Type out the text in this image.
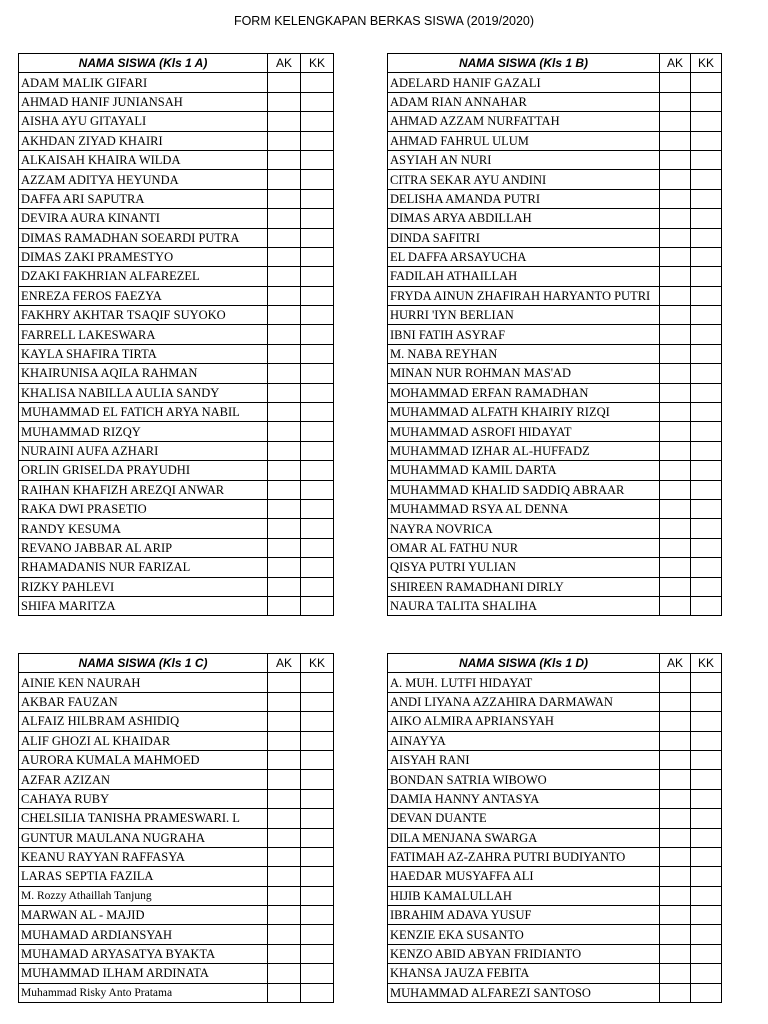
FORM KELENGKAPAN BERKAS SISWA (2019/2020)
NAMA SISWA (Kls 1 A)	AK	KK
ADAM MALIK GIFARI		
AHMAD HANIF JUNIANSAH		
AISHA AYU GITAYALI		
AKHDAN ZIYAD KHAIRI		
ALKAISAH KHAIRA WILDA		
AZZAM ADITYA HEYUNDA		
DAFFA ARI SAPUTRA		
DEVIRA AURA KINANTI		
DIMAS RAMADHAN SOEARDI PUTRA		
DIMAS ZAKI PRAMESTYO		
DZAKI FAKHRIAN ALFAREZEL		
ENREZA FEROS FAEZYA		
FAKHRY AKHTAR TSAQIF SUYOKO		
FARRELL LAKESWARA		
KAYLA SHAFIRA TIRTA		
KHAIRUNISA AQILA RAHMAN		
KHALISA NABILLA AULIA SANDY		
MUHAMMAD EL FATICH ARYA NABIL		
MUHAMMAD RIZQY		
NURAINI AUFA AZHARI		
ORLIN GRISELDA PRAYUDHI		
RAIHAN KHAFIZH AREZQI ANWAR		
RAKA DWI PRASETIO		
RANDY KESUMA		
REVANO JABBAR AL ARIP		
RHAMADANIS NUR FARIZAL		
RIZKY PAHLEVI		
SHIFA MARITZA		
NAMA SISWA (Kls 1 B)	AK	KK
ADELARD HANIF GAZALI		
ADAM RIAN ANNAHAR		
AHMAD AZZAM NURFATTAH		
AHMAD FAHRUL ULUM		
ASYIAH AN NURI		
CITRA SEKAR AYU ANDINI		
DELISHA AMANDA PUTRI		
DIMAS ARYA ABDILLAH		
DINDA SAFITRI		
EL DAFFA ARSAYUCHA		
FADILAH ATHAILLAH		
FRYDA AINUN ZHAFIRAH HARYANTO PUTRI		
HURRI 'IYN BERLIAN		
IBNI FATIH ASYRAF		
M. NABA REYHAN		
MINAN NUR ROHMAN MAS'AD		
MOHAMMAD ERFAN RAMADHAN		
MUHAMMAD ALFATH KHAIRIY RIZQI		
MUHAMMAD ASROFI HIDAYAT		
MUHAMMAD IZHAR AL-HUFFADZ		
MUHAMMAD KAMIL DARTA		
MUHAMMAD KHALID SADDIQ ABRAAR		
MUHAMMAD RSYA AL DENNA		
NAYRA NOVRICA		
OMAR AL FATHU NUR		
QISYA PUTRI YULIAN		
SHIREEN RAMADHANI DIRLY		
NAURA TALITA SHALIHA		
NAMA SISWA (Kls 1 C)	AK	KK
AINIE KEN NAURAH		
AKBAR FAUZAN		
ALFAIZ HILBRAM ASHIDIQ		
ALIF GHOZI AL KHAIDAR		
AURORA KUMALA MAHMOED		
AZFAR AZIZAN		
CAHAYA RUBY		
CHELSILIA TANISHA PRAMESWARI. L		
GUNTUR MAULANA NUGRAHA		
KEANU RAYYAN RAFFASYA		
LARAS SEPTIA FAZILA		
M. Rozzy Athaillah Tanjung		
MARWAN AL - MAJID		
MUHAMAD ARDIANSYAH		
MUHAMAD ARYASATYA BYAKTA		
MUHAMMAD ILHAM ARDINATA		
Muhammad Risky Anto Pratama		
NAMA SISWA (Kls 1 D)	AK	KK
A. MUH. LUTFI HIDAYAT		
ANDI LIYANA AZZAHIRA DARMAWAN		
AIKO ALMIRA APRIANSYAH		
AINAYYA		
AISYAH RANI		
BONDAN SATRIA WIBOWO		
DAMIA HANNY ANTASYA		
DEVAN DUANTE		
DILA MENJANA SWARGA		
FATIMAH AZ-ZAHRA PUTRI BUDIYANTO		
HAEDAR MUSYAFFA ALI		
HIJIB KAMALULLAH		
IBRAHIM ADAVA YUSUF		
KENZIE EKA SUSANTO		
KENZO ABID ABYAN FRIDIANTO		
KHANSA JAUZA FEBITA		
MUHAMMAD ALFAREZI SANTOSO		
